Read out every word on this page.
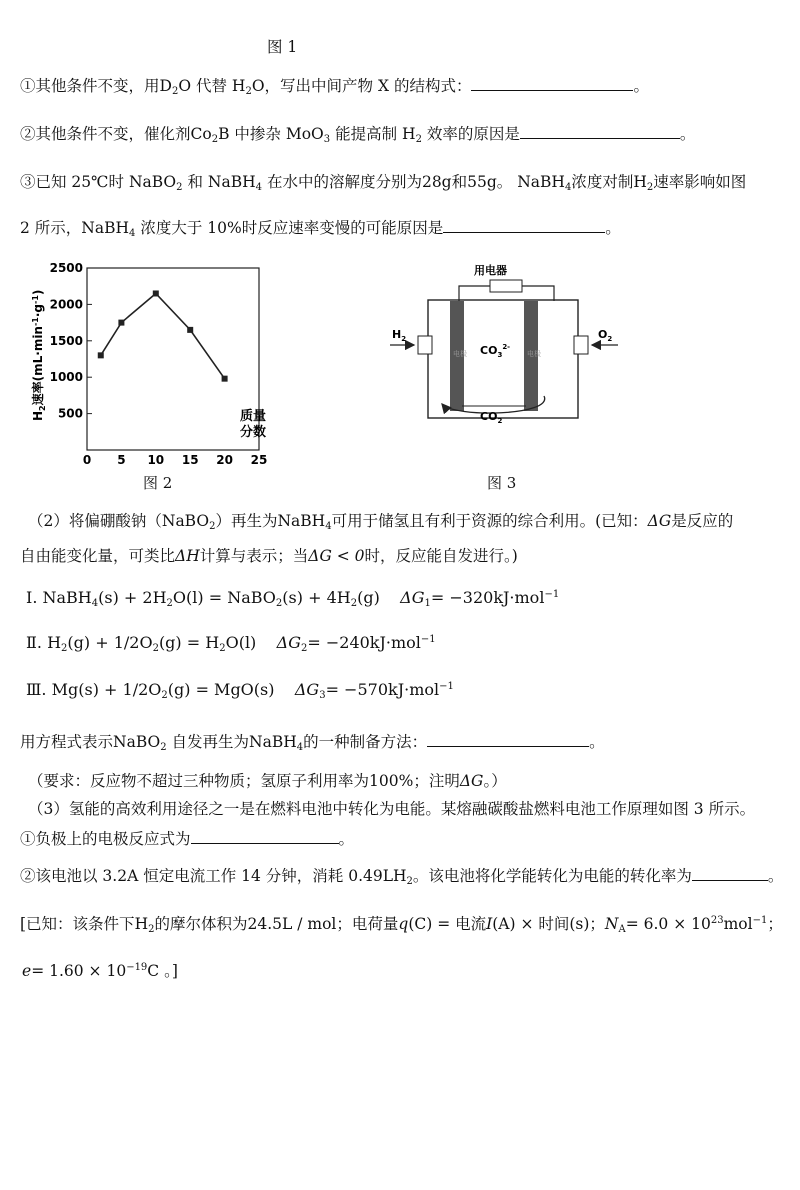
图 1
①其他条件不变，用$D_2O$ 代替 $H_2O$，写出中间产物 X 的结构式：	。
②其他条件不变，催化剂$Co_2B$ 中掺杂 MoO$_3$ 能提高制 $H_2$ 效率的原因是	。
③已知 25℃时 NaBO$_2$ 和 NaBH$_4$ 在水中的溶解度分别为28g和55g。 NaBH$_4$浓度对制$H_2$速率影响如图
2 所示，NaBH$_4$ 浓度大于 10%时反应速率变慢的可能原因是	。
2500
2000
1500
1000
500
0 5 10 15 20 25
$H_2$速率$(mL\cdot\min^{-1}\cdot g^{-1})$
质量
分数
图 2
用电器
$H_2$	$O_2$
电极	电极
$CO_3^{2-}$
$CO_2$
图 3
（2）将偏硼酸钠（NaBO$_2$）再生为NaBH$_4$可用于储氢且有利于资源的综合利用。(已知：ΔG是反应的
自由能变化量，可类比ΔH计算与表示；当ΔG < 0时，反应能自发进行。)
Ⅰ. NaBH$_4$(s) + $2H_2O(l)$ = NaBO$_2$(s) + $4H_2(g)$ $\Delta G_1= -320kJ\cdot mol^{-1}$
Ⅱ. $H_2(g) + 1/2O_2(g) = H_2O(l)$ $\Delta G_2= -240kJ\cdot mol^{-1}$
Ⅲ. $Mg(s) + 1/2O_2(g) = MgO(s)$ $\Delta G_3= -570kJ\cdot mol^{-1}$
用方程式表示NaBO$_2$ 自发再生为NaBH$_4$的一种制备方法：	。
（要求：反应物不超过三种物质；氢原子利用率为100%；注明ΔG。）
（3）氢能的高效利用途径之一是在燃料电池中转化为电能。某熔融碳酸盐燃料电池工作原理如图 3 所示。
①负极上的电极反应式为	。
②该电池以 3.2A 恒定电流工作 14 分钟，消耗 $0.49LH_2$。该电池将化学能转化为电能的转化率为	。
[已知：该条件下$H_2$的摩尔体积为24.5L / mol；电荷量q(C) = 电流I(A) × 时间(s)；$N_A= 6.0 \times 10^{23}mol^{-1}$；
$e= 1.60 \times 10^{-19}C$ 。]
